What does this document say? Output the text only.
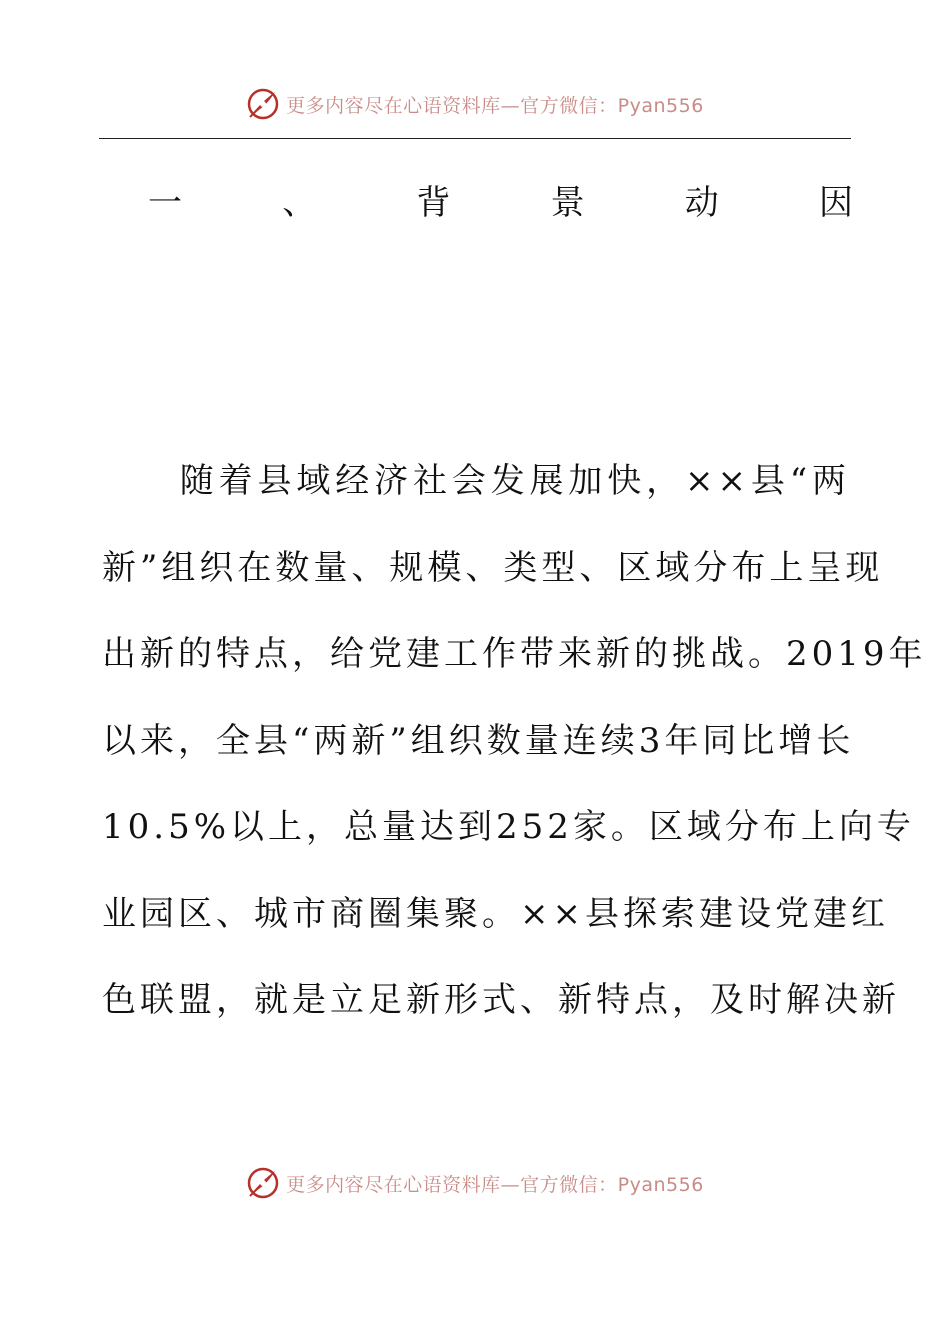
更多内容尽在心语资料库—官方微信：Pyan556
一	、	背	景	动	因
　　随着县域经济社会发展加快，××县“两
新”组织在数量、规模、类型、区域分布上呈现
出新的特点，给党建工作带来新的挑战。2019年
以来，全县“两新”组织数量连续3年同比增长
10.5%以上，总量达到252家。区域分布上向专
业园区、城市商圈集聚。××县探索建设党建红
色联盟，就是立足新形式、新特点，及时解决新
更多内容尽在心语资料库—官方微信：Pyan556
